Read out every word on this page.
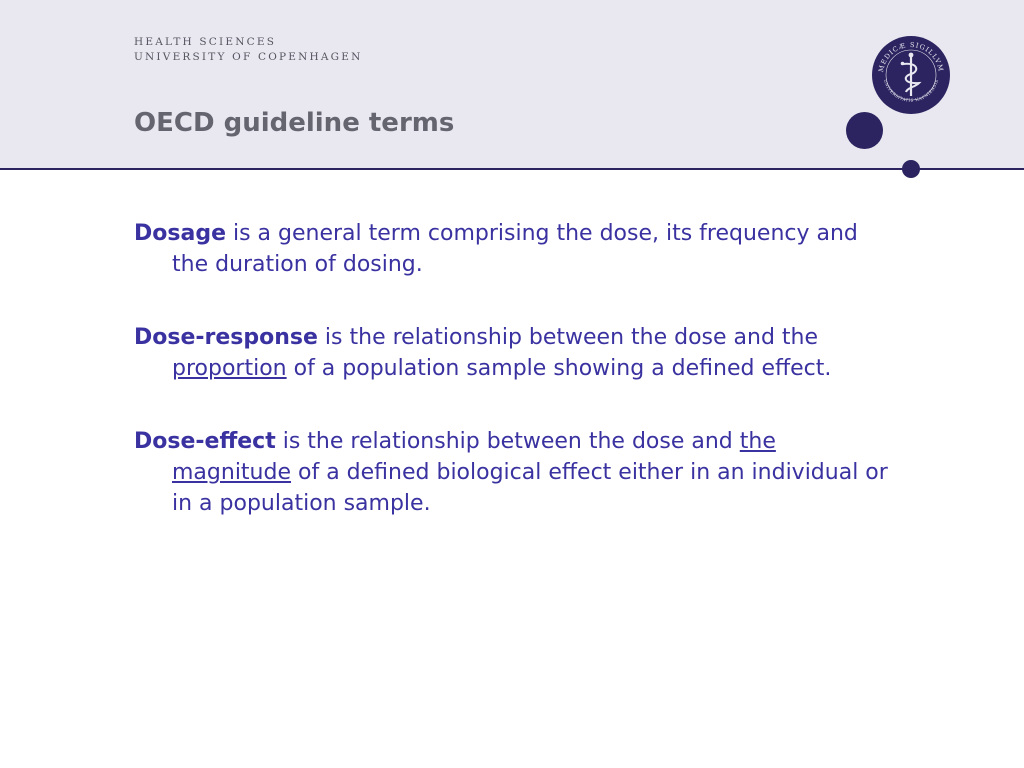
HEALTH SCIENCES
UNIVERSITY OF COPENHAGEN
OECD guideline terms
MEDICÆ SIGILLVM
UNIVERSITATIS HAFNIENSIS

Dosage is a general term comprising the dose, its frequency and the duration of dosing.

Dose-response is the relationship between the dose and the proportion of a population sample showing a defined effect.

Dose-effect is the relationship between the dose and the magnitude of a defined biological effect either in an individual or in a population sample.
